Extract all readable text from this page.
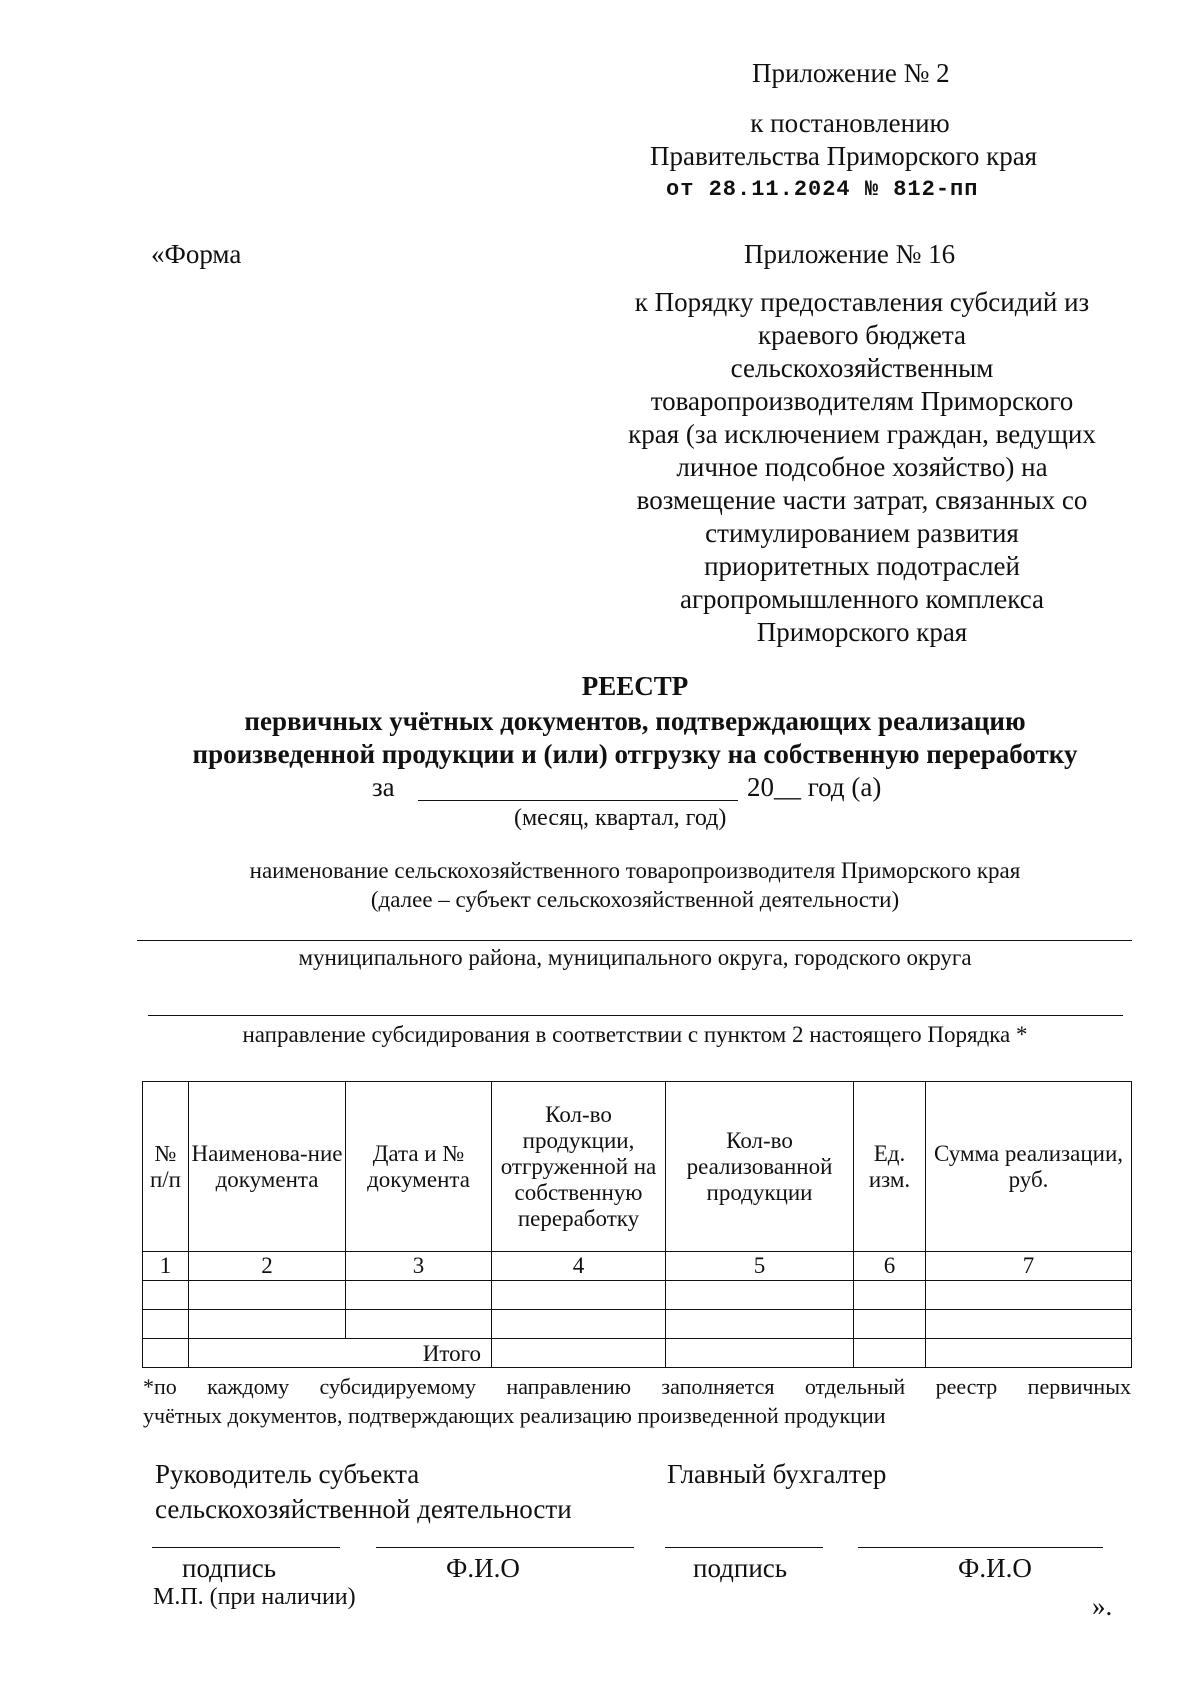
Приложение № 2
к постановлению
Правительства Приморского края
от 28.11.2024 № 812-пп
«Форма	Приложение № 16
к Порядку предоставления субсидий из
краевого бюджета
сельскохозяйственным
товаропроизводителям Приморского
края (за исключением граждан, ведущих
личное подсобное хозяйство) на
возмещение части затрат, связанных со
стимулированием развития
приоритетных подотраслей
агропромышленного комплекса
Приморского края
РЕЕСТР
первичных учётных документов, подтверждающих реализацию
произведенной продукции и (или) отгрузку на собственную переработку
за	20__ год (а)
(месяц, квартал, год)
наименование сельскохозяйственного товаропроизводителя Приморского края
(далее – субъект сельскохозяйственной деятельности)
муниципального района, муниципального округа, городского округа
направление субсидирования в соответствии с пунктом 2 настоящего Порядка *
№ п/п	Наименова-ние документа	Дата и № документа	Кол-во продукции, отгруженной на собственную переработку	Кол-во реализованной продукции	Ед. изм.	Сумма реализации, руб.
1	2	3	4	5	6	7

	Итого					
*по каждому субсидируемому направлению заполняется отдельный реестр первичных
учётных документов, подтверждающих реализацию произведенной продукции
Руководитель субъекта
сельскохозяйственной деятельности
Главный бухгалтер
подпись	Ф.И.О	подпись	Ф.И.О
М.П. (при наличии)	».
